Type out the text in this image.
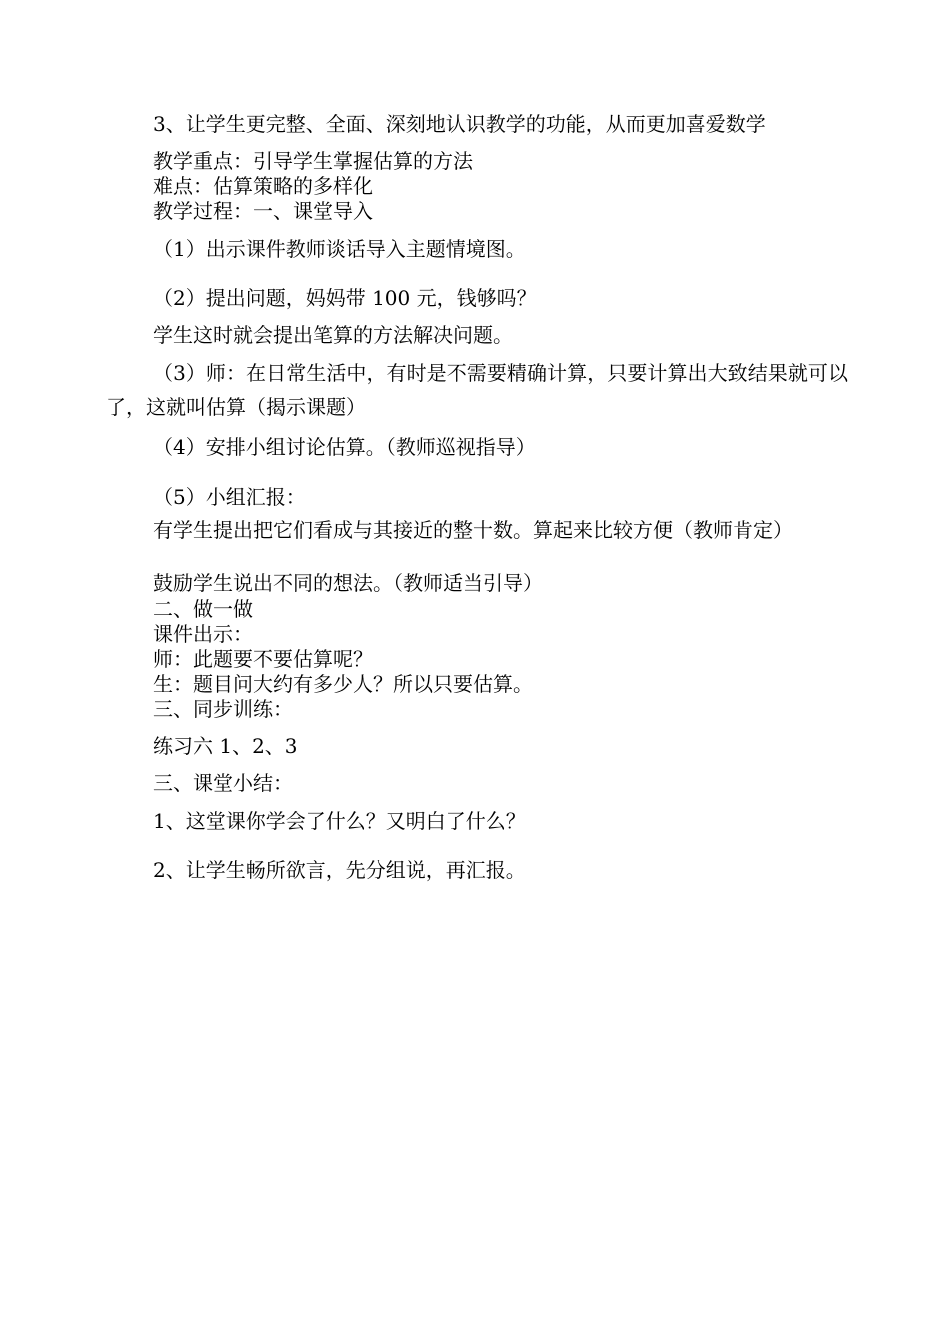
3、让学生更完整、全面、深刻地认识教学的功能，从而更加喜爱数学
教学重点：引导学生掌握估算的方法
难点：估算策略的多样化
教学过程：一、课堂导入
（1）出示课件教师谈话导入主题情境图。
（2）提出问题，妈妈带 100 元，钱够吗？
学生这时就会提出笔算的方法解决问题。
（3）师：在日常生活中，有时是不需要精确计算，只要计算出大致结果就可以了，这就叫估算（揭示课题）
（4）安排小组讨论估算。（教师巡视指导）
（5）小组汇报：
有学生提出把它们看成与其接近的整十数。算起来比较方便（教师肯定）
鼓励学生说出不同的想法。（教师适当引导）
二、做一做
课件出示：
师：此题要不要估算呢？
生：题目问大约有多少人？所以只要估算。
三、同步训练：
练习六 1、2、3
三、课堂小结：
1、这堂课你学会了什么？又明白了什么？
2、让学生畅所欲言，先分组说，再汇报。
